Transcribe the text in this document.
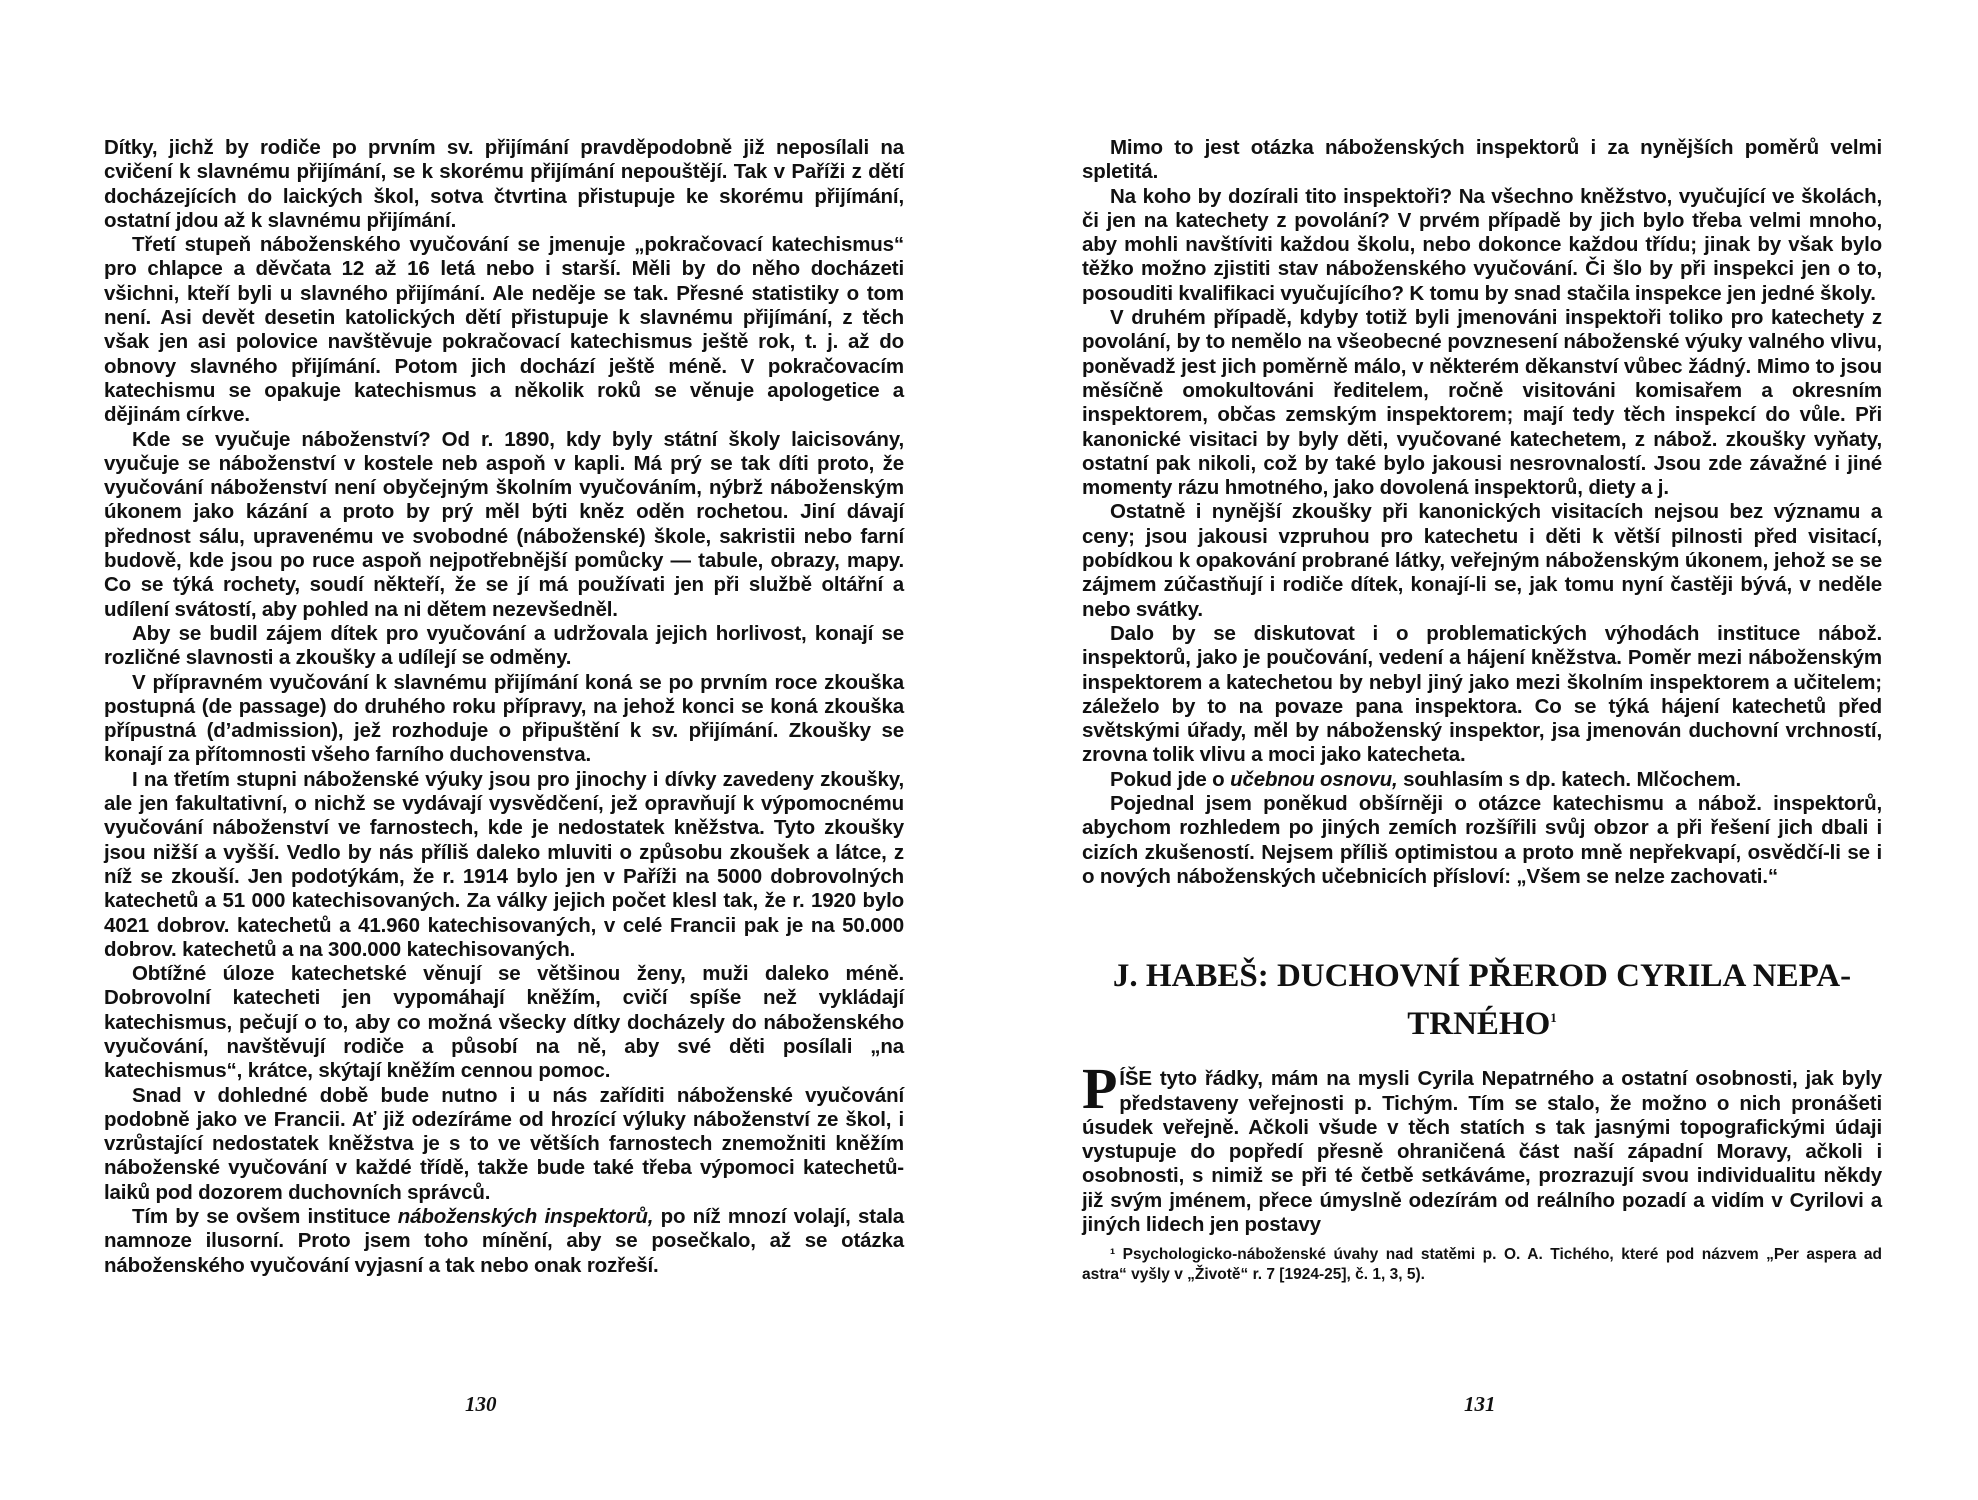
Dítky, jichž by rodiče po prvním sv. přijímání pravděpodobně již neposílali na cvičení k slavnému přijímání, se k skorému přijímání nepouštějí. Tak v Paříži z dětí docházejících do laických škol, sotva čtvrtina přistupuje ke skorému přijímání, ostatní jdou až k slavnému přijímání.

Třetí stupeň náboženského vyučování se jmenuje „pokračovací katechismus“ pro chlapce a děvčata 12 až 16 letá nebo i starší. Měli by do něho docházeti všichni, kteří byli u slavného přijímání. Ale neděje se tak. Přesné statistiky o tom není. Asi devět desetin katolických dětí přistupuje k slavnému přijímání, z těch však jen asi polovice navštěvuje pokračovací katechismus ještě rok, t. j. až do obnovy slavného přijímání. Potom jich dochází ještě méně. V pokračovacím katechismu se opakuje katechismus a několik roků se věnuje apologetice a dějinám církve.

Kde se vyučuje náboženství? Od r. 1890, kdy byly státní školy laicisovány, vyučuje se náboženství v kostele neb aspoň v kapli. Má prý se tak díti proto, že vyučování náboženství není obyčejným školním vyučováním, nýbrž náboženským úkonem jako kázání a proto by prý měl býti kněz oděn rochetou. Jiní dávají přednost sálu, upravenému ve svobodné (náboženské) škole, sakristii nebo farní budově, kde jsou po ruce aspoň nejpotřebnější pomůcky — tabule, obrazy, mapy. Co se týká rochety, soudí někteří, že se jí má používati jen při službě oltářní a udílení svátostí, aby pohled na ni dětem nezevšedněl.

Aby se budil zájem dítek pro vyučování a udržovala jejich horlivost, konají se rozličné slavnosti a zkoušky a udílejí se odměny.

V přípravném vyučování k slavnému přijímání koná se po prvním roce zkouška postupná (de passage) do druhého roku přípravy, na jehož konci se koná zkouška přípustná (d’admission), jež rozhoduje o připuštění k sv. přijímání. Zkoušky se konají za přítomnosti všeho farního duchovenstva.

I na třetím stupni náboženské výuky jsou pro jinochy i dívky zavedeny zkoušky, ale jen fakultativní, o nichž se vydávají vysvědčení, jež opravňují k výpomocnému vyučování náboženství ve farnostech, kde je nedostatek kněžstva. Tyto zkoušky jsou nižší a vyšší. Vedlo by nás příliš daleko mluviti o způsobu zkoušek a látce, z níž se zkouší. Jen podotýkám, že r. 1914 bylo jen v Paříži na 5000 dobrovolných katechetů a 51 000 katechisovaných. Za války jejich počet klesl tak, že r. 1920 bylo 4021 dobrov. katechetů a 41.960 katechisovaných, v celé Francii pak je na 50.000 dobrov. katechetů a na 300.000 katechisovaných.

Obtížné úloze katechetské věnují se většinou ženy, muži daleko méně. Dobrovolní katecheti jen vypomáhají kněžím, cvičí spíše než vykládají katechismus, pečují o to, aby co možná všecky dítky docházely do náboženského vyučování, navštěvují rodiče a působí na ně, aby své děti posílali „na katechismus“, krátce, skýtají kněžím cennou pomoc.

Snad v dohledné době bude nutno i u nás zaříditi náboženské vyučování podobně jako ve Francii. Ať již odezíráme od hrozící výluky náboženství ze škol, i vzrůstající nedostatek kněžstva je s to ve větších farnostech znemožniti kněžím náboženské vyučování v každé třídě, takže bude také třeba výpomoci katechetů-laiků pod dozorem duchovních správců.

Tím by se ovšem instituce náboženských inspektorů, po níž mnozí volají, stala namnoze ilusorní. Proto jsem toho mínění, aby se posečkalo, až se otázka náboženského vyučování vyjasní a tak nebo onak rozřeší.

Mimo to jest otázka náboženských inspektorů i za nynějších poměrů velmi spletitá.

Na koho by dozírali tito inspektoři? Na všechno kněžstvo, vyučující ve školách, či jen na katechety z povolání? V prvém případě by jich bylo třeba velmi mnoho, aby mohli navštíviti každou školu, nebo dokonce každou třídu; jinak by však bylo těžko možno zjistiti stav náboženského vyučování. Či šlo by při inspekci jen o to, posouditi kvalifikaci vyučujícího? K tomu by snad stačila inspekce jen jedné školy.

V druhém případě, kdyby totiž byli jmenováni inspektoři toliko pro katechety z povolání, by to nemělo na všeobecné povznesení náboženské výuky valného vlivu, poněvadž jest jich poměrně málo, v některém děkanství vůbec žádný. Mimo to jsou měsíčně omokultováni ředitelem, ročně visitováni komisařem a okresním inspektorem, občas zemským inspektorem; mají tedy těch inspekcí do vůle. Při kanonické visitaci by byly děti, vyučované katechetem, z nábož. zkoušky vyňaty, ostatní pak nikoli, což by také bylo jakousi nesrovnalostí. Jsou zde závažné i jiné momenty rázu hmotného, jako dovolená inspektorů, diety a j.

Ostatně i nynější zkoušky při kanonických visitacích nejsou bez významu a ceny; jsou jakousi vzpruhou pro katechetu i děti k větší pilnosti před visitací, pobídkou k opakování probrané látky, veřejným náboženským úkonem, jehož se se zájmem zúčastňují i rodiče dítek, konají-li se, jak tomu nyní častěji bývá, v neděle nebo svátky.

Dalo by se diskutovat i o problematických výhodách instituce nábož. inspektorů, jako je poučování, vedení a hájení kněžstva. Poměr mezi náboženským inspektorem a katechetou by nebyl jiný jako mezi školním inspektorem a učitelem; záleželo by to na povaze pana inspektora. Co se týká hájení katechetů před světskými úřady, měl by náboženský inspektor, jsa jmenován duchovní vrchností, zrovna tolik vlivu a moci jako katecheta.

Pokud jde o učebnou osnovu, souhlasím s dp. katech. Mlčochem.

Pojednal jsem poněkud obšírněji o otázce katechismu a nábož. inspektorů, abychom rozhledem po jiných zemích rozšířili svůj obzor a při řešení jich dbali i cizích zkušeností. Nejsem příliš optimistou a proto mně nepřekvapí, osvědčí-li se i o nových náboženských učebnicích přísloví: „Všem se nelze zachovati.“

J. HABEŠ: DUCHOVNÍ PŘEROD CYRILA NEPA-
TRNÉHO$^1$

PÍŠE tyto řádky, mám na mysli Cyrila Nepatrného a ostatní osobnosti, jak byly představeny veřejnosti p. Tichým. Tím se stalo, že možno o nich pronášeti úsudek veřejně. Ačkoli všude v těch statích s tak jasnými topografickými údaji vystupuje do popředí přesně ohraničená část naší západní Moravy, ačkoli i osobnosti, s nimiž se při té četbě setkáváme, prozrazují svou individualitu někdy již svým jménem, přece úmyslně odezírám od reálního pozadí a vidím v Cyrilovi a jiných lidech jen postavy

¹ Psychologicko-náboženské úvahy nad statěmi p. O. A. Tichého, které pod názvem „Per aspera ad astra“ vyšly v „Životě“ r. 7 [1924-25], č. 1, 3, 5).

130	131
